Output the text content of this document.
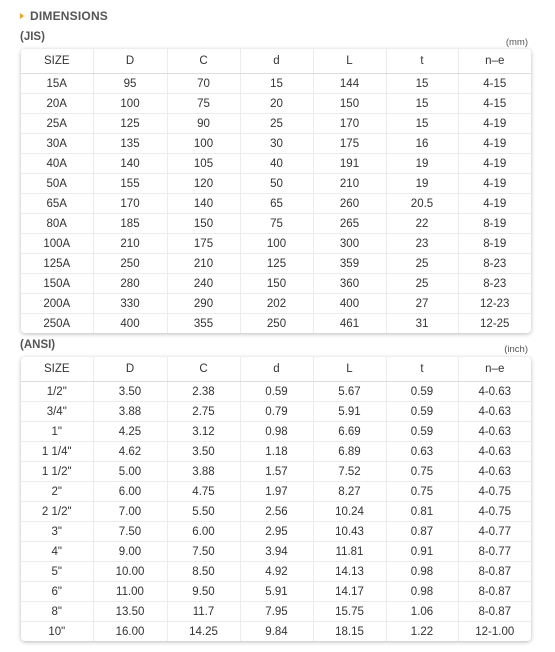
DIMENSIONS
(JIS)	(mm)
SIZE	D	C	d	L	t	n–e
15A	95	70	15	144	15	4-15
20A	100	75	20	150	15	4-15
25A	125	90	25	170	15	4-19
30A	135	100	30	175	16	4-19
40A	140	105	40	191	19	4-19
50A	155	120	50	210	19	4-19
65A	170	140	65	260	20.5	4-19
80A	185	150	75	265	22	8-19
100A	210	175	100	300	23	8-19
125A	250	210	125	359	25	8-23
150A	280	240	150	360	25	8-23
200A	330	290	202	400	27	12-23
250A	400	355	250	461	31	12-25
(ANSI)	(inch)
SIZE	D	C	d	L	t	n–e
1/2"	3.50	2.38	0.59	5.67	0.59	4-0.63
3/4"	3.88	2.75	0.79	5.91	0.59	4-0.63
1"	4.25	3.12	0.98	6.69	0.59	4-0.63
1 1/4"	4.62	3.50	1.18	6.89	0.63	4-0.63
1 1/2"	5.00	3.88	1.57	7.52	0.75	4-0.63
2"	6.00	4.75	1.97	8.27	0.75	4-0.75
2 1/2"	7.00	5.50	2.56	10.24	0.81	4-0.75
3"	7.50	6.00	2.95	10.43	0.87	4-0.77
4"	9.00	7.50	3.94	11.81	0.91	8-0.77
5"	10.00	8.50	4.92	14.13	0.98	8-0.87
6"	11.00	9.50	5.91	14.17	0.98	8-0.87
8"	13.50	11.7	7.95	15.75	1.06	8-0.87
10"	16.00	14.25	9.84	18.15	1.22	12-1.00
